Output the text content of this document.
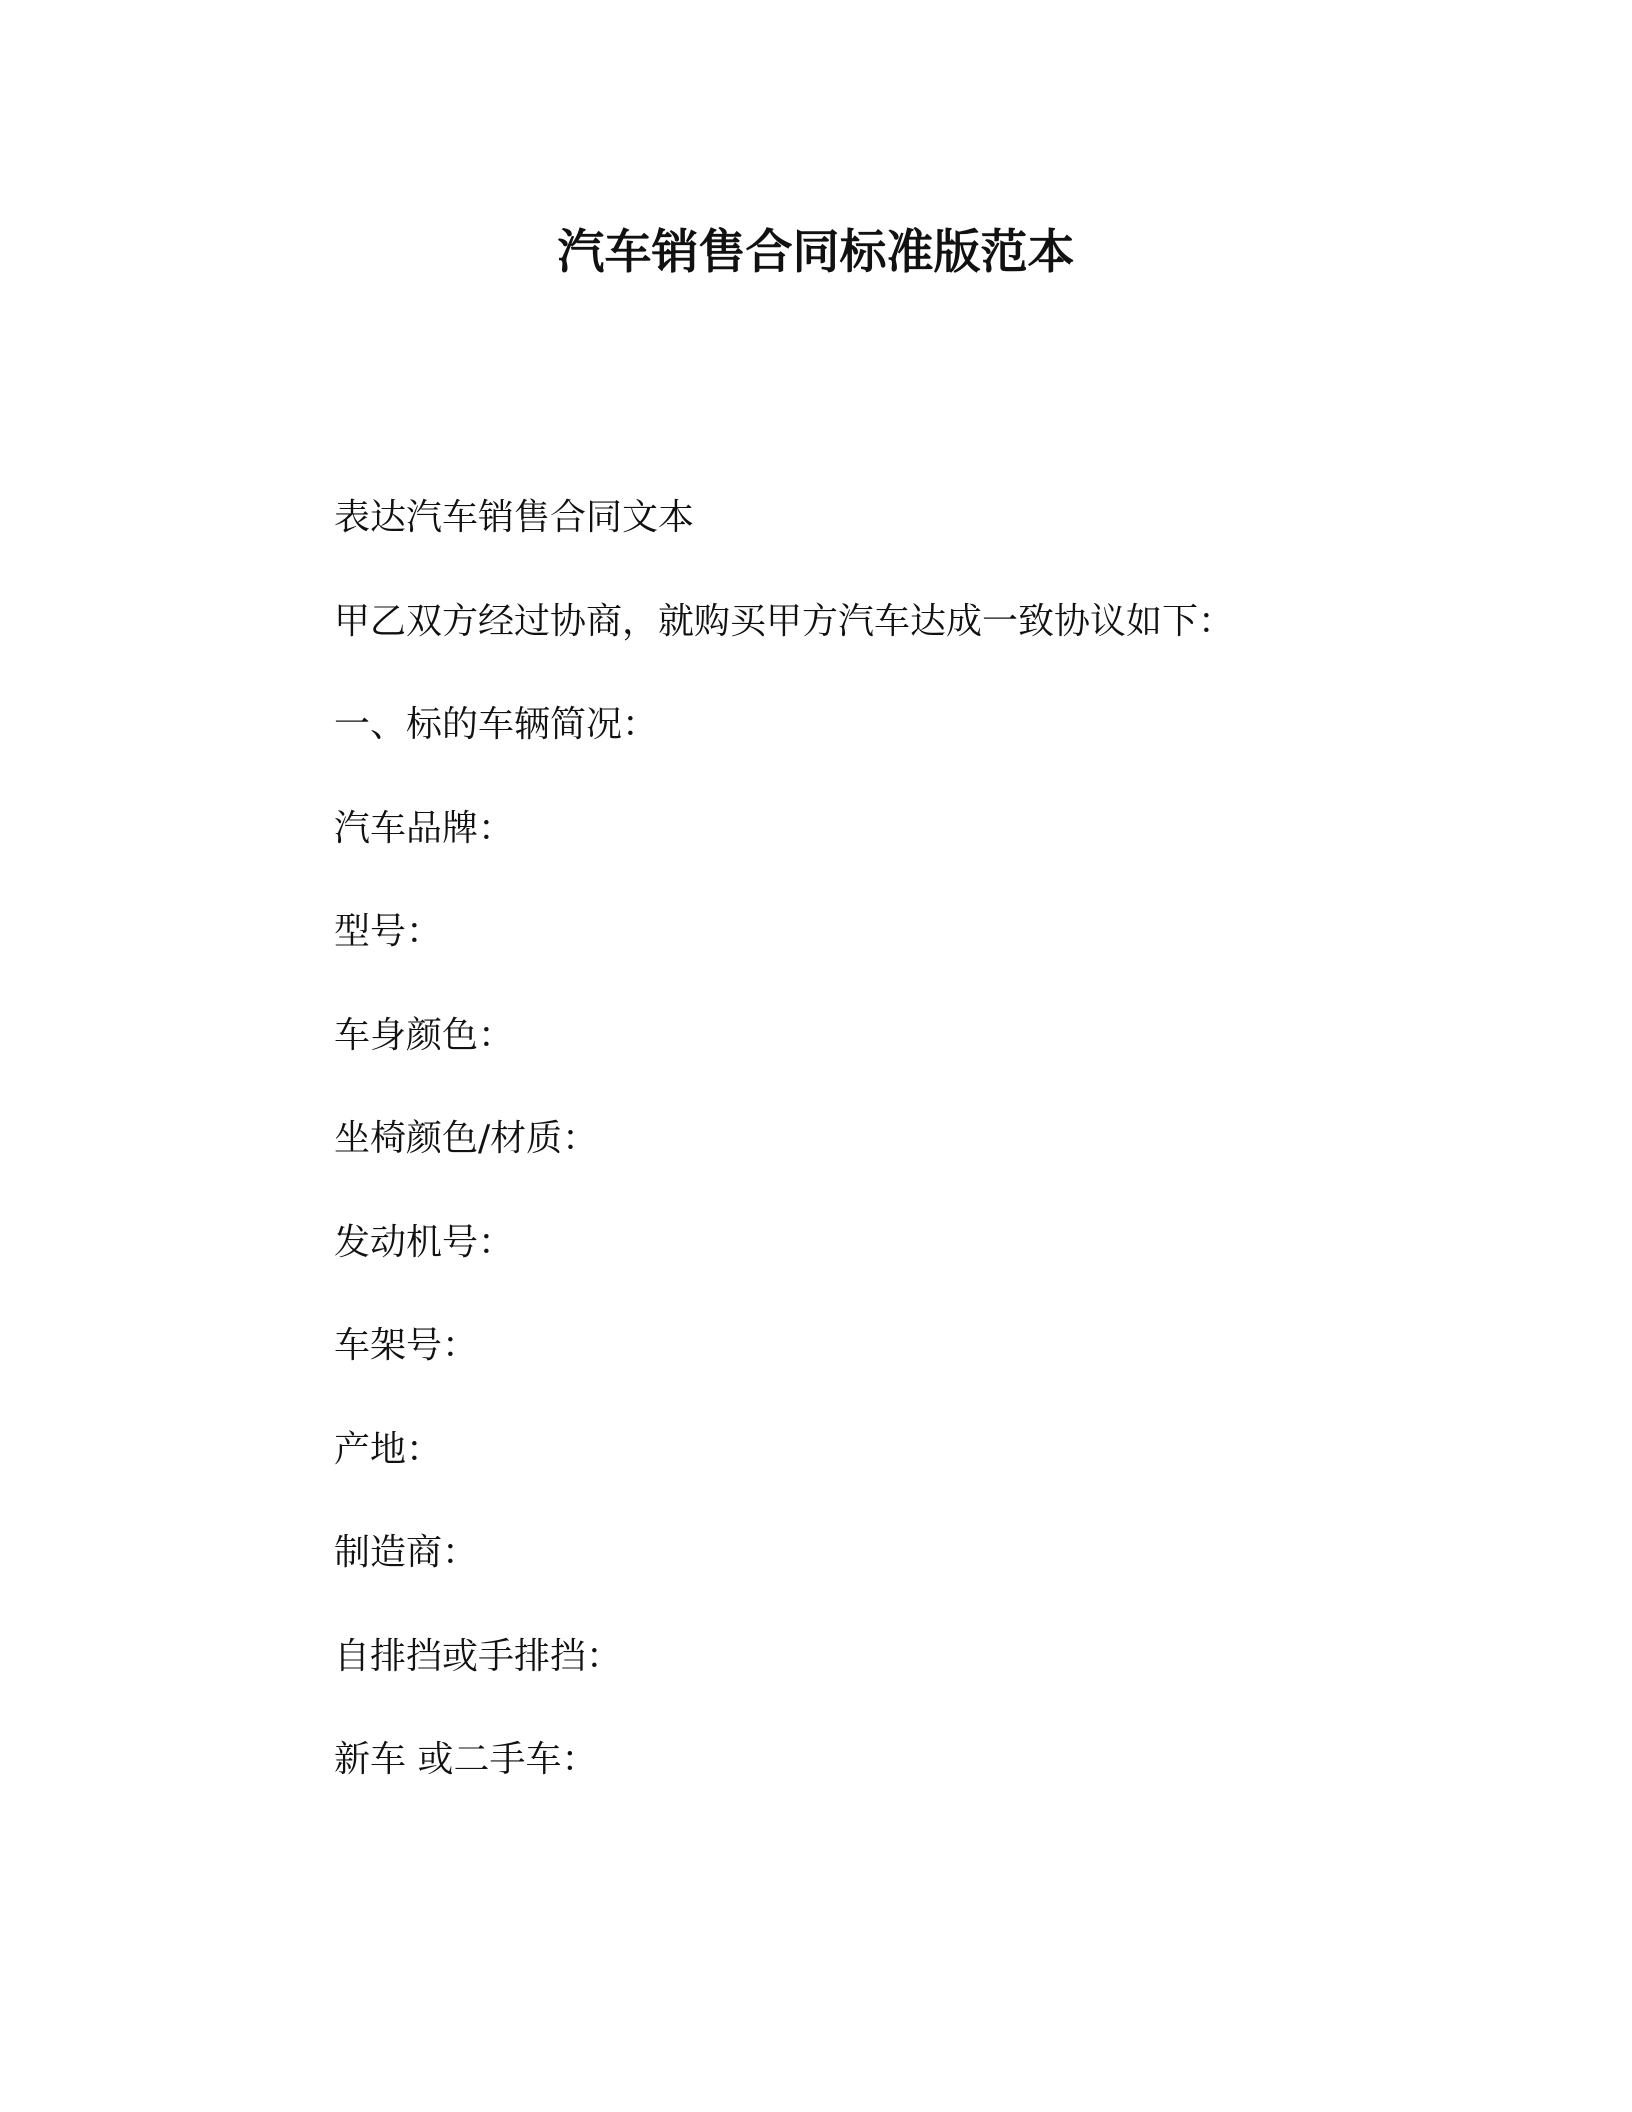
汽车销售合同标准版范本
表达汽车销售合同文本
甲乙双方经过协商，就购买甲方汽车达成一致协议如下：
一、标的车辆简况：
汽车品牌：
型号：
车身颜色：
坐椅颜色/材质：
发动机号：
车架号：
产地：
制造商：
自排挡或手排挡：
新车 或二手车：
